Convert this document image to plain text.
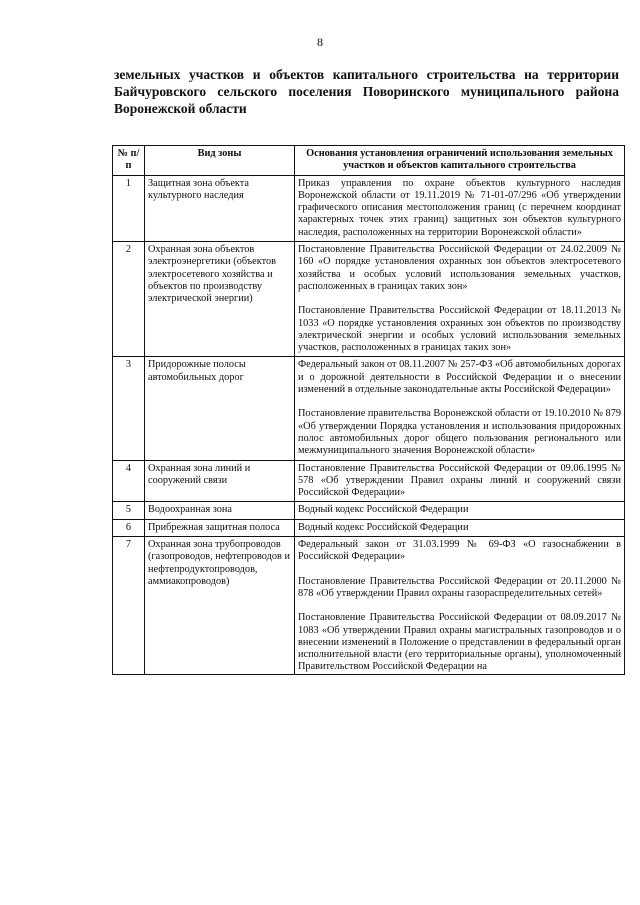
8
земельных участков и объектов капитального строительства на территории Байчуровского сельского поселения Поворинского муниципального района Воронежской области
№ п/п	Вид зоны	Основания установления ограничений использования земельных участков и объектов капитального строительства
1	Защитная зона объекта культурного наследия	Приказ управления по охране объектов культурного наследия Воронежской области от 19.11.2019 № 71-01-07/296 «Об утверждении графического описания местоположения границ (с перечнем координат характерных точек этих границ) защитных зон объектов культурного наследия, расположенных на территории Воронежской области»

2	Охранная зона объектов электроэнергетики (объектов электросетевого хозяйства и объектов по производству электрической энергии)	Постановление Правительства Российской Федерации от 24.02.2009 № 160 «О порядке установления охранных зон объектов электросетевого хозяйства и особых условий использования земельных участков, расположенных в границах таких зон»

Постановление Правительства Российской Федерации от 18.11.2013 № 1033 «О порядке установления охранных зон объектов по производству электрической энергии и особых условий использования земельных участков, расположенных в границах таких зон»

3	Придорожные полосы автомобильных дорог	Федеральный закон от 08.11.2007 № 257-ФЗ «Об автомобильных дорогах и о дорожной деятельности в Российской Федерации и о внесении изменений в отдельные законодательные акты Российской Федерации»

Постановление правительства Воронежской области от 19.10.2010 № 879 «Об утверждении Порядка установления и использования придорожных полос автомобильных дорог общего пользования регионального или межмуниципального значения Воронежской области»

4	Охранная зона линий и сооружений связи	Постановление Правительства Российской Федерации от 09.06.1995 № 578 «Об утверждении Правил охраны линий и сооружений связи Российской Федерации»

5	Водоохранная зона	Водный кодекс Российской Федерации

6	Прибрежная защитная полоса	Водный кодекс Российской Федерации

7	Охранная зона трубопроводов (газопроводов, нефтепроводов и нефтепродуктопроводов, аммиакопроводов)	Федеральный закон от 31.03.1999 № 69-ФЗ «О газоснабжении в Российской Федерации»

Постановление Правительства Российской Федерации от 20.11.2000 № 878 «Об утверждении Правил охраны газораспределительных сетей»

Постановление Правительства Российской Федерации от 08.09.2017 № 1083 «Об утверждении Правил охраны магистральных газопроводов и о внесении изменений в Положение о представлении в федеральный орган исполнительной власти (его территориальные органы), уполномоченный Правительством Российской Федерации на
